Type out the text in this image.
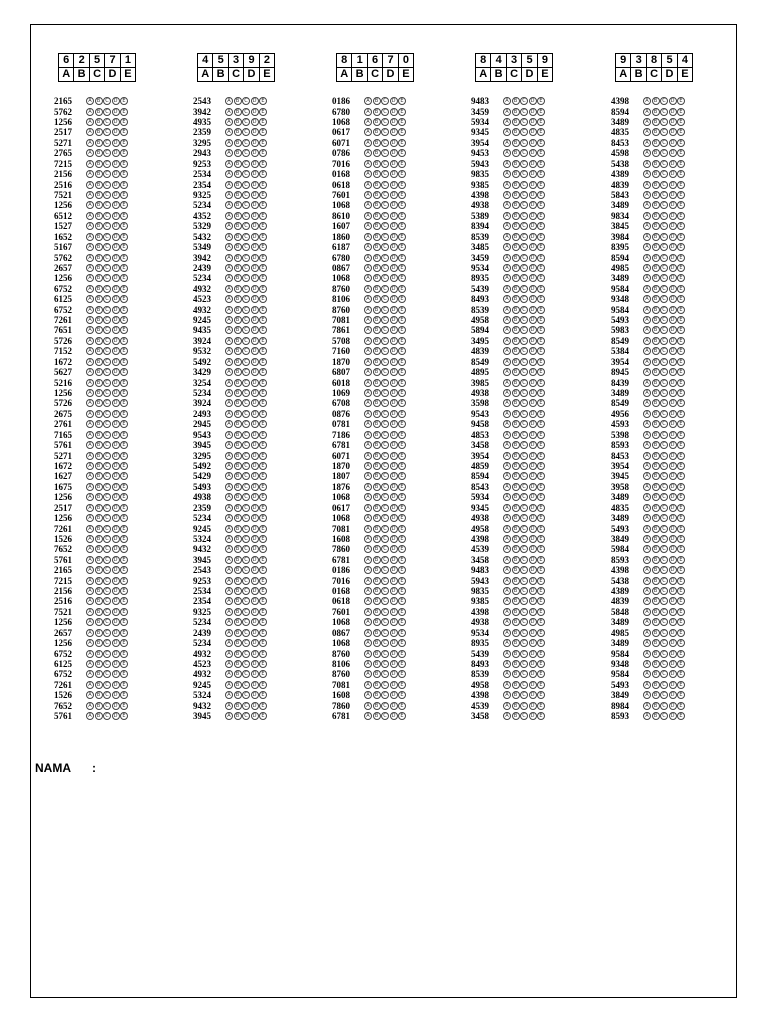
6	2	5	7	1
A	B	C	D	E
2165	A	B	C D E
5762	A	B	C D E
1256	A	B	C D E
2517	A	B	C D E
5271	A	B	C D E
2765	A	B	C D E
7215	A	B	C D E
2156	A	B	C D E
2516	A	B	C D E
7521	A	B	C D E
1256	A	B	C D E
6512	A	B	C D E
1527	A	B	C D E
1652	A	B	C D E
5167	A	B	C D E
5762	A	B	C D E
2657	A	B	C D E
1256	A	B	C D E
6752	A	B	C D E
6125	A	B	C D E
6752	A	B	C D E
7261	A	B	C D E
7651	A	B	C D E
5726	A	B	C D E
7152	A	B	C D E
1672	A	B	C D E
5627	A	B	C D E
5216	A	B	C D E
1256	A	B	C D E
5726	A	B	C D E
2675	A	B	C D E
2761	A	B	C D E
7165	A	B	C D E
5761	A	B	C D E
5271	A	B	C D E
1672	A	B	C D E
1627	A	B	C D E
1675	A	B	C D E
1256	A	B	C D E
2517	A	B	C D E
1256	A	B	C D E
7261	A	B	C D E
1526	A	B	C D E
7652	A	B	C D E
5761	A	B	C D E
2165	A	B	C D E
7215	A	B	C D E
2156	A	B	C D E
2516	A	B	C D E
7521	A	B	C D E
1256	A	B	C D E
2657	A	B	C D E
1256	A	B	C D E
6752	A	B	C D E
6125	A	B	C D E
6752	A	B	C D E
7261	A	B	C D E
1526	A	B	C D E
7652	A	B	C D E
5761	A	B	C D E
4	5	3	9	2
A	B	C	D	E
2543	A	B	C D E
3942	A	B	C D E
4935	A	B	C D E
2359	A	B	C D E
3295	A	B	C D E
2943	A	B	C D E
9253	A	B	C D E
2534	A	B	C D E
2354	A	B	C D E
9325	A	B	C D E
5234	A	B	C D E
4352	A	B	C D E
5329	A	B	C D E
5432	A	B	C D E
5349	A	B	C D E
3942	A	B	C D E
2439	A	B	C D E
5234	A	B	C D E
4932	A	B	C D E
4523	A	B	C D E
4932	A	B	C D E
9245	A	B	C D E
9435	A	B	C D E
3924	A	B	C D E
9532	A	B	C D E
5492	A	B	C D E
3429	A	B	C D E
3254	A	B	C D E
5234	A	B	C D E
3924	A	B	C D E
2493	A	B	C D E
2945	A	B	C D E
9543	A	B	C D E
3945	A	B	C D E
3295	A	B	C D E
5492	A	B	C D E
5429	A	B	C D E
5493	A	B	C D E
4938	A	B	C D E
2359	A	B	C D E
5234	A	B	C D E
9245	A	B	C D E
5324	A	B	C D E
9432	A	B	C D E
3945	A	B	C D E
2543	A	B	C D E
9253	A	B	C D E
2534	A	B	C D E
2354	A	B	C D E
9325	A	B	C D E
5234	A	B	C D E
2439	A	B	C D E
5234	A	B	C D E
4932	A	B	C D E
4523	A	B	C D E
4932	A	B	C D E
9245	A	B	C D E
5324	A	B	C D E
9432	A	B	C D E
3945	A	B	C D E
8	1	6	7	0
A	B	C	D	E
0186	A	B	C D E
6780	A	B	C D E
1068	A	B	C D E
0617	A	B	C D E
6071	A	B	C D E
0786	A	B	C D E
7016	A	B	C D E
0168	A	B	C D E
0618	A	B	C D E
7601	A	B	C D E
1068	A	B	C D E
8610	A	B	C D E
1607	A	B	C D E
1860	A	B	C D E
6187	A	B	C D E
6780	A	B	C D E
0867	A	B	C D E
1068	A	B	C D E
8760	A	B	C D E
8106	A	B	C D E
8760	A	B	C D E
7081	A	B	C D E
7861	A	B	C D E
5708	A	B	C D E
7160	A	B	C D E
1870	A	B	C D E
6807	A	B	C D E
6018	A	B	C D E
1069	A	B	C D E
6708	A	B	C D E
0876	A	B	C D E
0781	A	B	C D E
7186	A	B	C D E
6781	A	B	C D E
6071	A	B	C D E
1870	A	B	C D E
1807	A	B	C D E
1876	A	B	C D E
1068	A	B	C D E
0617	A	B	C D E
1068	A	B	C D E
7081	A	B	C D E
1608	A	B	C D E
7860	A	B	C D E
6781	A	B	C D E
0186	A	B	C D E
7016	A	B	C D E
0168	A	B	C D E
0618	A	B	C D E
7601	A	B	C D E
1068	A	B	C D E
0867	A	B	C D E
1068	A	B	C D E
8760	A	B	C D E
8106	A	B	C D E
8760	A	B	C D E
7081	A	B	C D E
1608	A	B	C D E
7860	A	B	C D E
6781	A	B	C D E
8	4	3	5	9
A	B	C	D	E
9483	A	B	C D E
3459	A	B	C D E
5934	A	B	C D E
9345	A	B	C D E
3954	A	B	C D E
9453	A	B	C D E
5943	A	B	C D E
9835	A	B	C D E
9385	A	B	C D E
4398	A	B	C D E
4938	A	B	C D E
5389	A	B	C D E
8394	A	B	C D E
8539	A	B	C D E
3485	A	B	C D E
3459	A	B	C D E
9534	A	B	C D E
8935	A	B	C D E
5439	A	B	C D E
8493	A	B	C D E
8539	A	B	C D E
4958	A	B	C D E
5894	A	B	C D E
3495	A	B	C D E
4839	A	B	C D E
8549	A	B	C D E
4895	A	B	C D E
3985	A	B	C D E
4938	A	B	C D E
3598	A	B	C D E
9543	A	B	C D E
9458	A	B	C D E
4853	A	B	C D E
3458	A	B	C D E
3954	A	B	C D E
4859	A	B	C D E
8594	A	B	C D E
8543	A	B	C D E
5934	A	B	C D E
9345	A	B	C D E
4938	A	B	C D E
4958	A	B	C D E
4398	A	B	C D E
4539	A	B	C D E
3458	A	B	C D E
9483	A	B	C D E
5943	A	B	C D E
9835	A	B	C D E
9385	A	B	C D E
4398	A	B	C D E
4938	A	B	C D E
9534	A	B	C D E
8935	A	B	C D E
5439	A	B	C D E
8493	A	B	C D E
8539	A	B	C D E
4958	A	B	C D E
4398	A	B	C D E
4539	A	B	C D E
3458	A	B	C D E
9	3	8	5	4
A	B	C	D	E
4398	A	B	C D E
8594	A	B	C D E
3489	A	B	C D E
4835	A	B	C D E
8453	A	B	C D E
4598	A	B	C D E
5438	A	B	C D E
4389	A	B	C D E
4839	A	B	C D E
5843	A	B	C D E
3489	A	B	C D E
9834	A	B	C D E
3845	A	B	C D E
3984	A	B	C D E
8395	A	B	C D E
8594	A	B	C D E
4985	A	B	C D E
3489	A	B	C D E
9584	A	B	C D E
9348	A	B	C D E
9584	A	B	C D E
5493	A	B	C D E
5983	A	B	C D E
8549	A	B	C D E
5384	A	B	C D E
3954	A	B	C D E
8945	A	B	C D E
8439	A	B	C D E
3489	A	B	C D E
8549	A	B	C D E
4956	A	B	C D E
4593	A	B	C D E
5398	A	B	C D E
8593	A	B	C D E
8453	A	B	C D E
3954	A	B	C D E
3945	A	B	C D E
3958	A	B	C D E
3489	A	B	C D E
4835	A	B	C D E
3489	A	B	C D E
5493	A	B	C D E
3849	A	B	C D E
5984	A	B	C D E
8593	A	B	C D E
4398	A	B	C D E
5438	A	B	C D E
4389	A	B	C D E
4839	A	B	C D E
5848	A	B	C D E
3489	A	B	C D E
4985	A	B	C D E
3489	A	B	C D E
9584	A	B	C D E
9348	A	B	C D E
9584	A	B	C D E
5493	A	B	C D E
3849	A	B	C D E
8984	A	B	C D E
8593	A	B	C D E
NAMA :
